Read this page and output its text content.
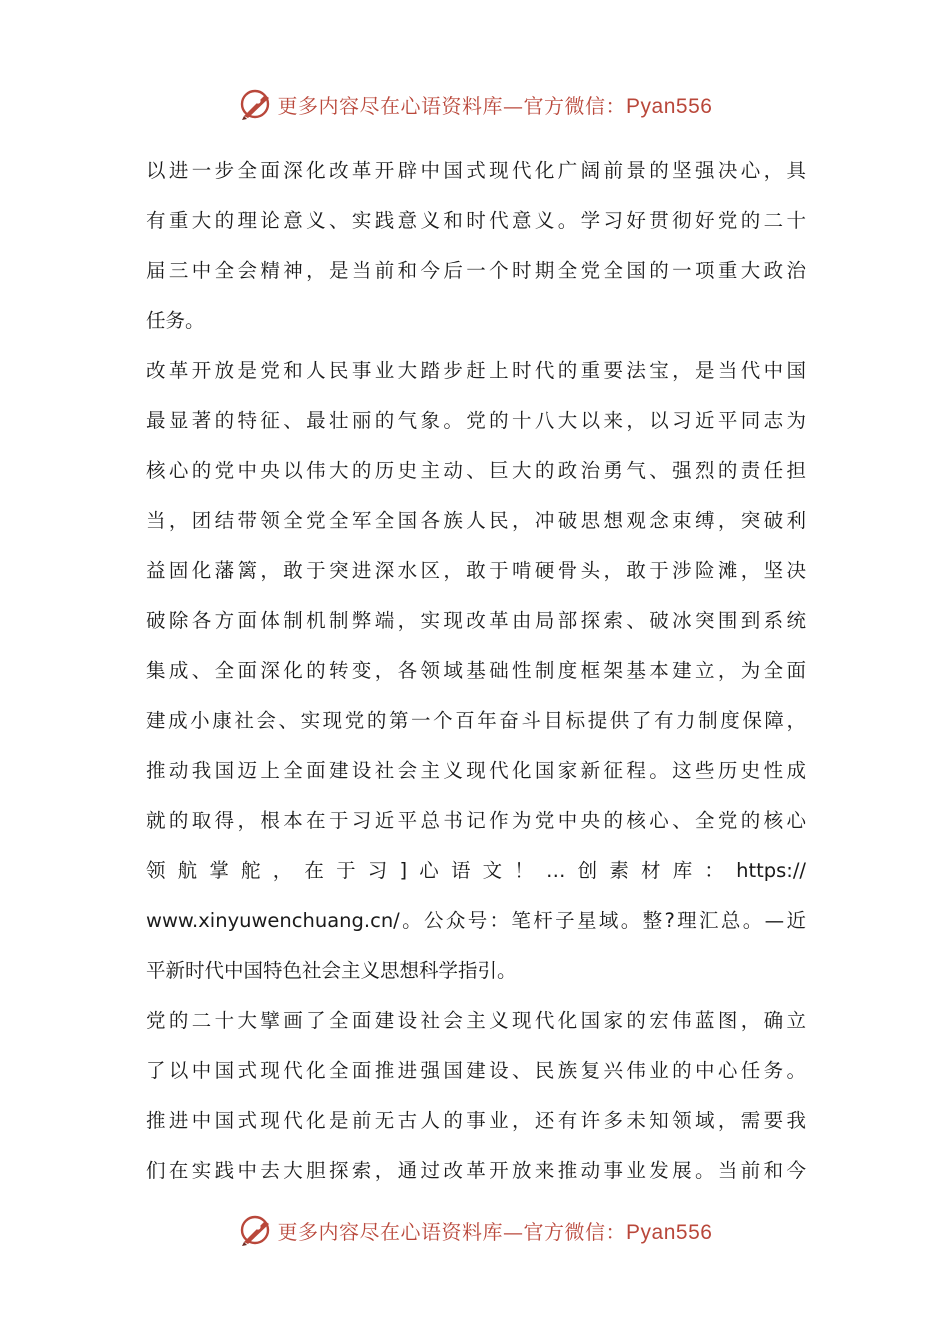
更多内容尽在心语资料库—官方微信：Pyan556
以进一步全面深化改革开辟中国式现代化广阔前景的坚强决心，具
有重大的理论意义、实践意义和时代意义。学习好贯彻好党的二十
届三中全会精神，是当前和今后一个时期全党全国的一项重大政治
任务。
改革开放是党和人民事业大踏步赶上时代的重要法宝，是当代中国
最显著的特征、最壮丽的气象。党的十八大以来，以习近平同志为
核心的党中央以伟大的历史主动、巨大的政治勇气、强烈的责任担
当，团结带领全党全军全国各族人民，冲破思想观念束缚，突破利
益固化藩篱，敢于突进深水区，敢于啃硬骨头，敢于涉险滩，坚决
破除各方面体制机制弊端，实现改革由局部探索、破冰突围到系统
集成、全面深化的转变，各领域基础性制度框架基本建立，为全面
建成小康社会、实现党的第一个百年奋斗目标提供了有力制度保障，
推动我国迈上全面建设社会主义现代化国家新征程。这些历史性成
就的取得，根本在于习近平总书记作为党中央的核心、全党的核心
领航掌舵，在于习]心语文！…创素材库：https://
www.xinyuwenchuang.cn/。公众号：笔杆子星域。整?理汇总。—近
平新时代中国特色社会主义思想科学指引。
党的二十大擘画了全面建设社会主义现代化国家的宏伟蓝图，确立
了以中国式现代化全面推进强国建设、民族复兴伟业的中心任务。
推进中国式现代化是前无古人的事业，还有许多未知领域，需要我
们在实践中去大胆探索，通过改革开放来推动事业发展。当前和今
更多内容尽在心语资料库—官方微信：Pyan556
